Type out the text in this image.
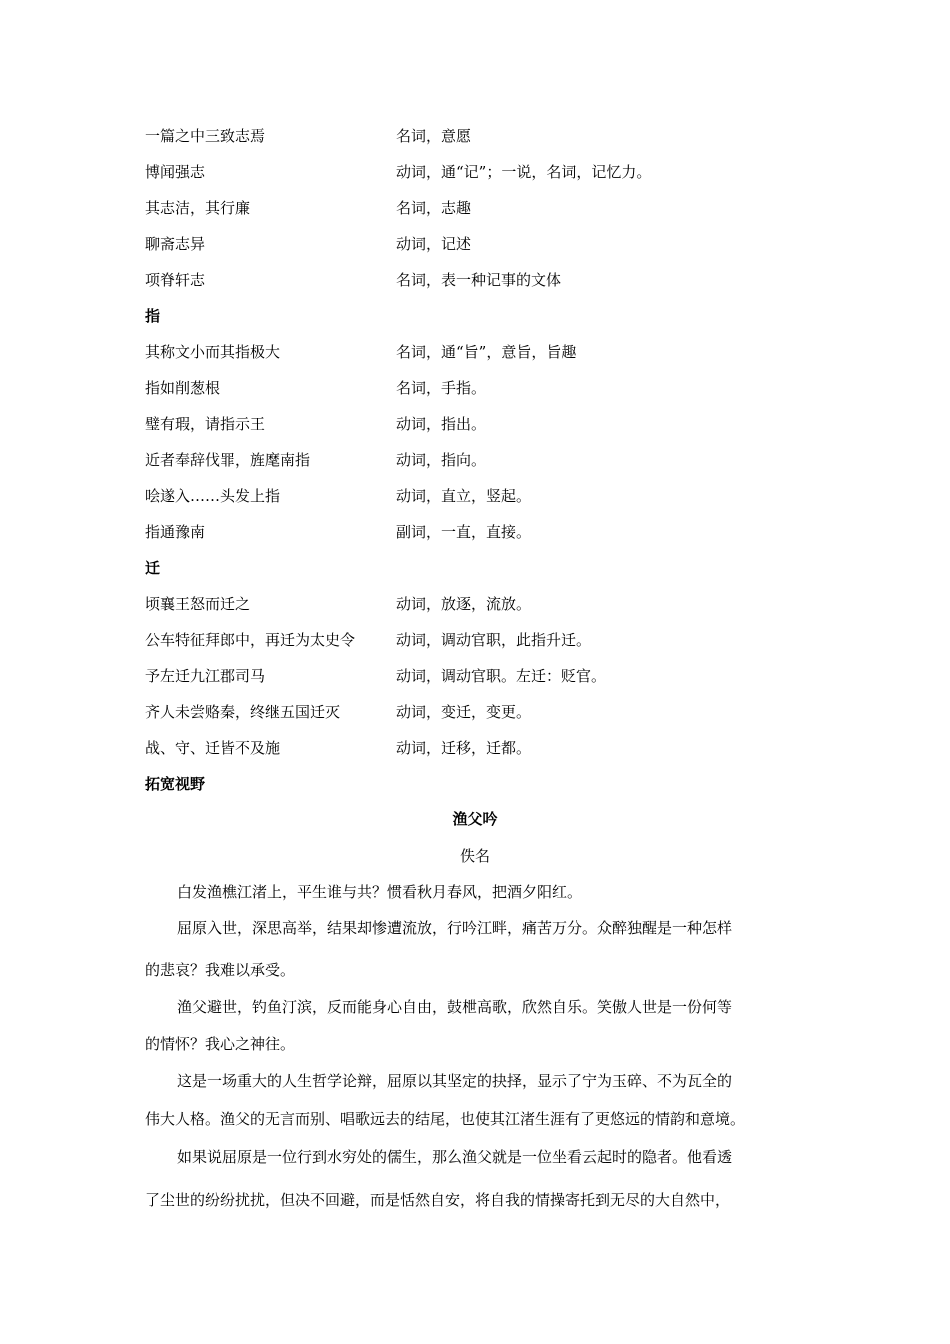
一篇之中三致志焉	名词，意愿
博闻强志	动词，通“记”；一说，名词，记忆力。
其志洁，其行廉	名词，志趣
聊斋志异	动词，记述
项脊轩志	名词，表一种记事的文体
指
其称文小而其指极大	名词，通“旨”，意旨，旨趣
指如削葱根	名词，手指。
璧有瑕，请指示王	动词，指出。
近者奉辞伐罪，旌麾南指	动词，指向。
哙遂入……头发上指	动词，直立，竖起。
指通豫南	副词，一直，直接。
迁
顷襄王怒而迁之	动词，放逐，流放。
公车特征拜郎中，再迁为太史令	动词，调动官职，此指升迁。
予左迁九江郡司马	动词，调动官职。左迁：贬官。
齐人未尝赂秦，终继五国迁灭	动词，变迁，变更。
战、守、迁皆不及施	动词，迁移，迁都。
拓宽视野
渔父吟
佚名
白发渔樵江渚上，平生谁与共？惯看秋月春风，把酒夕阳红。
屈原入世，深思高举，结果却惨遭流放，行吟江畔，痛苦万分。众醉独醒是一种怎样
的悲哀？我难以承受。
渔父避世，钓鱼汀滨，反而能身心自由，鼓枻高歌，欣然自乐。笑傲人世是一份何等
的情怀？我心之神往。
这是一场重大的人生哲学论辩，屈原以其坚定的抉择，显示了宁为玉碎、不为瓦全的
伟大人格。渔父的无言而别、唱歌远去的结尾，也使其江渚生涯有了更悠远的情韵和意境。
如果说屈原是一位行到水穷处的儒生，那么渔父就是一位坐看云起时的隐者。他看透
了尘世的纷纷扰扰，但决不回避，而是恬然自安，将自我的情操寄托到无尽的大自然中，
